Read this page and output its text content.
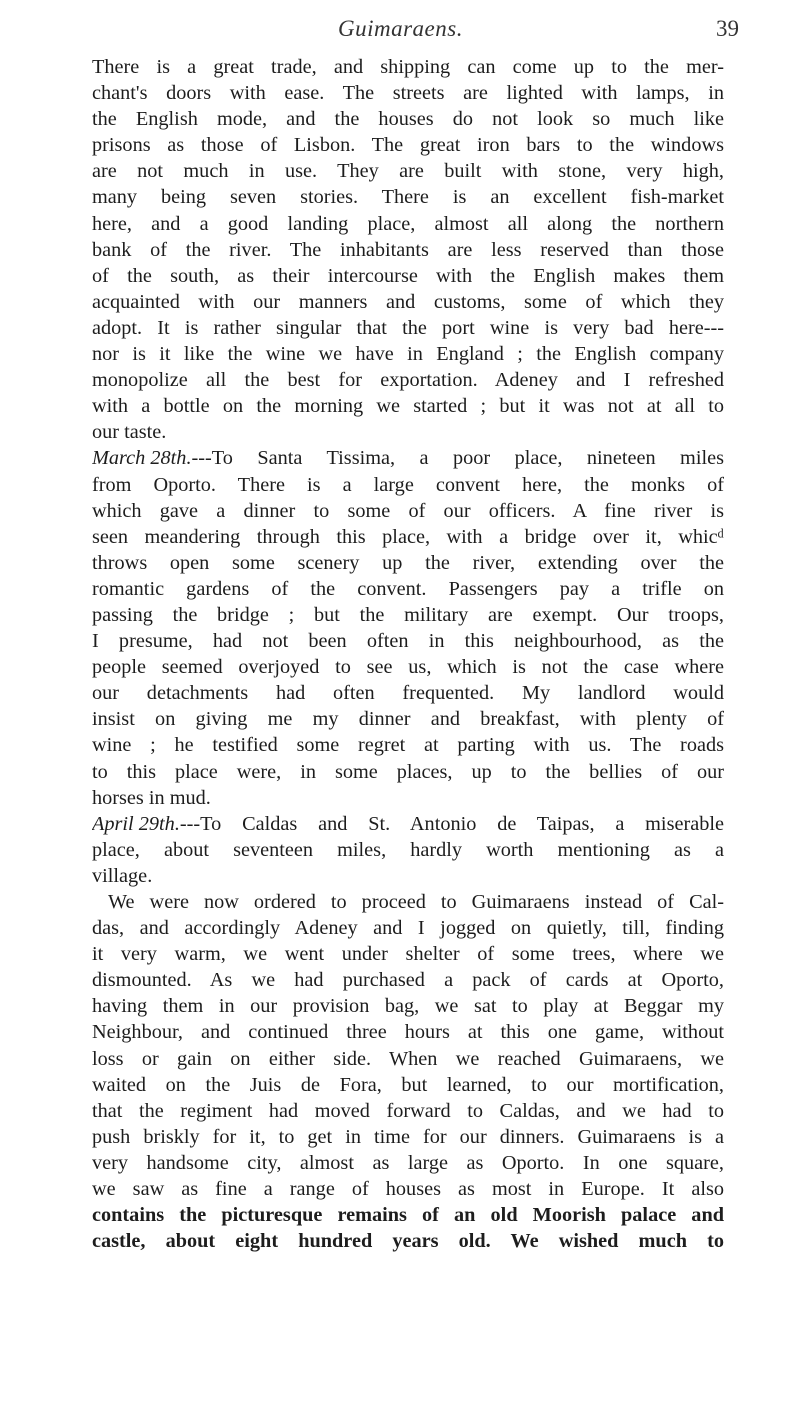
Guimaraens.	39
There is a great trade, and shipping can come up to the mer-
chant's doors with ease. The streets are lighted with lamps, in
the English mode, and the houses do not look so much like
prisons as those of Lisbon. The great iron bars to the windows
are not much in use. They are built with stone, very high,
many being seven stories. There is an excellent fish-market
here, and a good landing place, almost all along the northern
bank of the river. The inhabitants are less reserved than those
of the south, as their intercourse with the English makes them
acquainted with our manners and customs, some of which they
adopt. It is rather singular that the port wine is very bad here---
nor is it like the wine we have in England ; the English company
monopolize all the best for exportation. Adeney and I refreshed
with a bottle on the morning we started ; but it was not at all to
our taste.
March 28th. ---To Santa Tissima, a poor place, nineteen miles
from Oporto. There is a large convent here, the monks of
which gave a dinner to some of our officers. A fine river is
seen meandering through this place, with a bridge over it, whicᵈ
throws open some scenery up the river, extending over the
romantic gardens of the convent. Passengers pay a trifle on
passing the bridge ; but the military are exempt. Our troops,
I presume, had not been often in this neighbourhood, as the
people seemed overjoyed to see us, which is not the case where
our detachments had often frequented. My landlord would
insist on giving me my dinner and breakfast, with plenty of
wine ; he testified some regret at parting with us. The roads
to this place were, in some places, up to the bellies of our
horses in mud.
April 29th. ---To Caldas and St. Antonio de Taipas, a miserable
place, about seventeen miles, hardly worth mentioning as a
village.
We were now ordered to proceed to Guimaraens instead of Cal-
das, and accordingly Adeney and I jogged on quietly, till, finding
it very warm, we went under shelter of some trees, where we
dismounted. As we had purchased a pack of cards at Oporto,
having them in our provision bag, we sat to play at Beggar my
Neighbour, and continued three hours at this one game, without
loss or gain on either side. When we reached Guimaraens, we
waited on the Juis de Fora, but learned, to our mortification,
that the regiment had moved forward to Caldas, and we had to
push briskly for it, to get in time for our dinners. Guimaraens is a
very handsome city, almost as large as Oporto. In one square,
we saw as fine a range of houses as most in Europe. It also
contains the picturesque remains of an old Moorish palace and
castle, about eight hundred years old. We wished much to
